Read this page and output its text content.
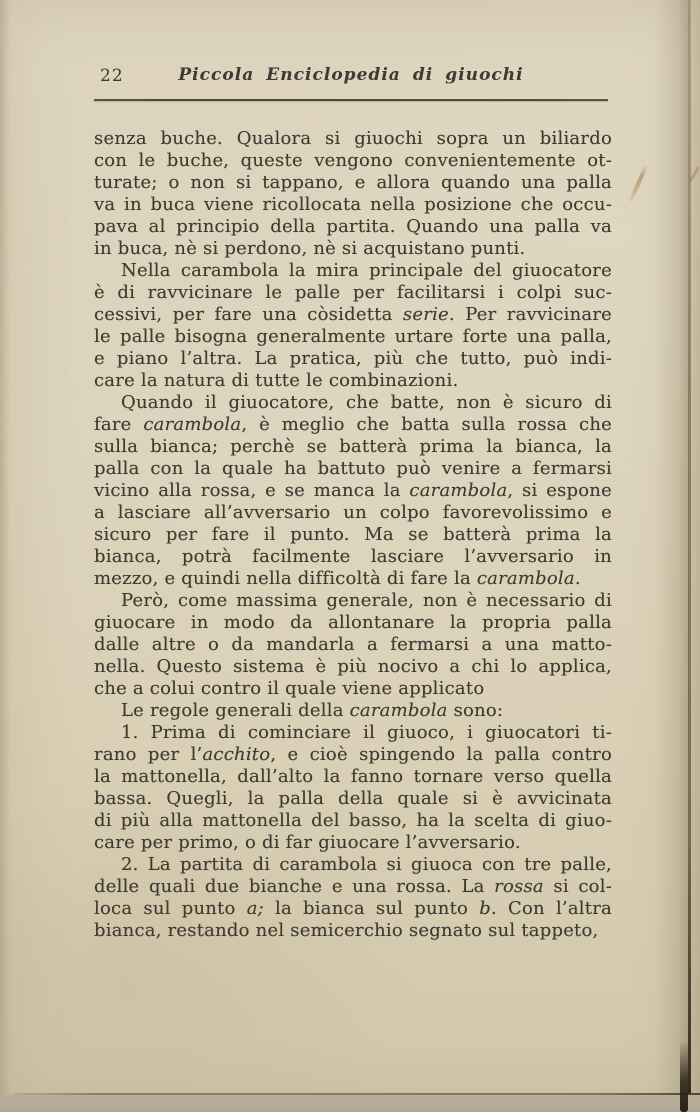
22	Piccola Enciclopedia di giuochi
senza buche. Qualora si giuochi sopra un biliardo
con le buche, queste vengono convenientemente ot-
turate; o non si tappano, e allora quando una palla
va in buca viene ricollocata nella posizione che occu-
pava al principio della partita. Quando una palla va
in buca, nè si perdono, nè si acquistano punti.
Nella carambola la mira principale del giuocatore
è di ravvicinare le palle per facilitarsi i colpi suc-
cessivi, per fare una còsidetta serie. Per ravvicinare
le palle bisogna generalmente urtare forte una palla,
e piano l’altra. La pratica, più che tutto, può indi-
care la natura di tutte le combinazioni.
Quando il giuocatore, che batte, non è sicuro di
fare carambola, è meglio che batta sulla rossa che
sulla bianca; perchè se batterà prima la bianca, la
palla con la quale ha battuto può venire a fermarsi
vicino alla rossa, e se manca la carambola, si espone
a lasciare all’avversario un colpo favorevolissimo e
sicuro per fare il punto. Ma se batterà prima la
bianca, potrà facilmente lasciare l’avversario in
mezzo, e quindi nella difficoltà di fare la carambola.
Però, come massima generale, non è necessario di
giuocare in modo da allontanare la propria palla
dalle altre o da mandarla a fermarsi a una matto-
nella. Questo sistema è più nocivo a chi lo applica,
che a colui contro il quale viene applicato
Le regole generali della carambola sono:
1. Prima di cominciare il giuoco, i giuocatori ti-
rano per l’acchito, e cioè spingendo la palla contro
la mattonella, dall’alto la fanno tornare verso quella
bassa. Quegli, la palla della quale si è avvicinata
di più alla mattonella del basso, ha la scelta di giuo-
care per primo, o di far giuocare l’avversario.
2. La partita di carambola si giuoca con tre palle,
delle quali due bianche e una rossa. La rossa si col-
loca sul punto a; la bianca sul punto b. Con l’altra
bianca, restando nel semicerchio segnato sul tappeto,
